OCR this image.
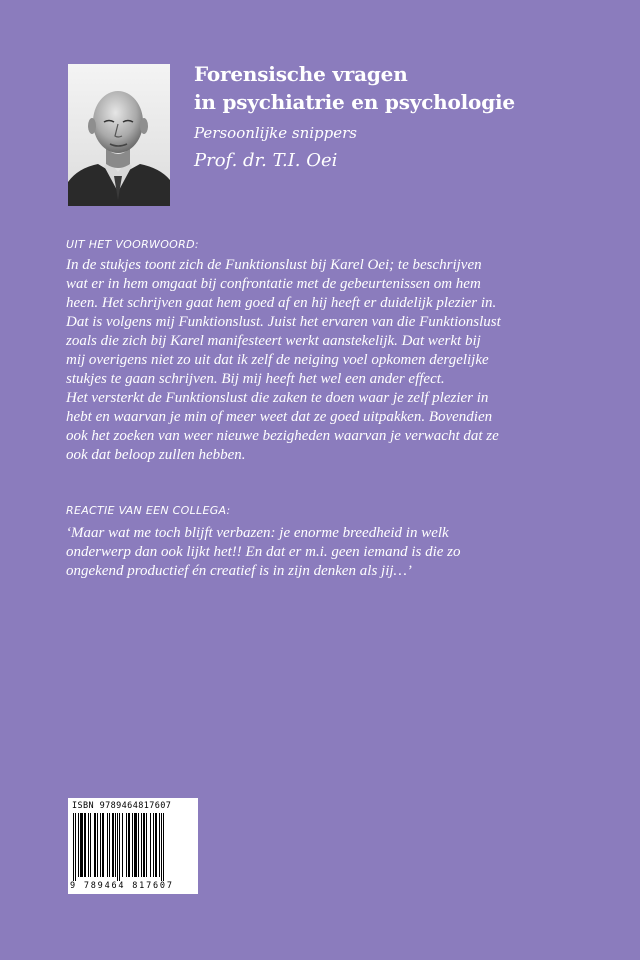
Forensische vragen
in psychiatrie en psychologie
Persoonlijke snippers
Prof. dr. T.I. Oei
UIT HET VOORWOORD:
In de stukjes toont zich de Funktionslust bij Karel Oei; te beschrijven
wat er in hem omgaat bij confrontatie met de gebeurtenissen om hem
heen. Het schrijven gaat hem goed af en hij heeft er duidelijk plezier in.
Dat is volgens mij Funktionslust. Juist het ervaren van die Funktionslust
zoals die zich bij Karel manifesteert werkt aanstekelijk. Dat werkt bij
mij overigens niet zo uit dat ik zelf de neiging voel opkomen dergelijke
stukjes te gaan schrijven. Bij mij heeft het wel een ander effect.
Het versterkt de Funktionslust die zaken te doen waar je zelf plezier in
hebt en waarvan je min of meer weet dat ze goed uitpakken. Bovendien
ook het zoeken van weer nieuwe bezigheden waarvan je verwacht dat ze
ook dat beloop zullen hebben.
REACTIE VAN EEN COLLEGA:
‘Maar wat me toch blijft verbazen: je enorme breedheid in welk
onderwerp dan ook lijkt het!! En dat er m.i. geen iemand is die zo
ongekend productief én creatief is in zijn denken als jij…’
ISBN 9789464817607
9 789464 817607
